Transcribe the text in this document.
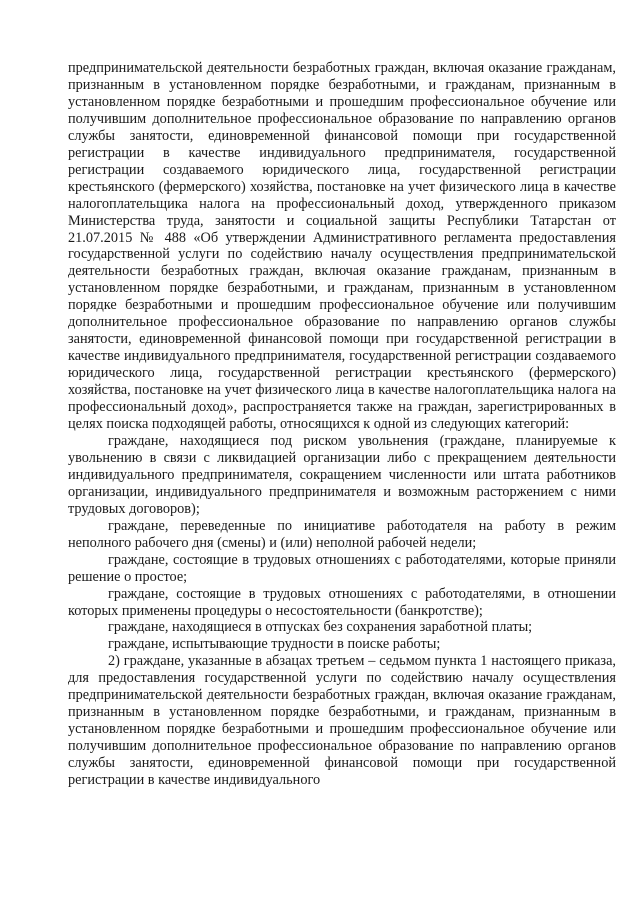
предпринимательской деятельности безработных граждан, включая оказание гражданам, признанным в установленном порядке безработными, и гражданам, признанным в установленном порядке безработными и прошедшим профессиональное обучение или получившим дополнительное профессиональное образование по направлению органов службы занятости, единовременной финансовой помощи при государственной регистрации в качестве индивидуального предпринимателя, государственной регистрации создаваемого юридического лица, государственной регистрации крестьянского (фермерского) хозяйства, постановке на учет физического лица в качестве налогоплательщика налога на профессиональный доход, утвержденного приказом Министерства труда, занятости и социальной защиты Республики Татарстан от 21.07.2015 № 488 «Об утверждении Административного регламента предоставления государственной услуги по содействию началу осуществления предпринимательской деятельности безработных граждан, включая оказание гражданам, признанным в установленном порядке безработными, и гражданам, признанным в установленном порядке безработными и прошедшим профессиональное обучение или получившим дополнительное профессиональное образование по направлению органов службы занятости, единовременной финансовой помощи при государственной регистрации в качестве индивидуального предпринимателя, государственной регистрации создаваемого юридического лица, государственной регистрации крестьянского (фермерского) хозяйства, постановке на учет физического лица в качестве налогоплательщика налога на профессиональный доход», распространяется также на граждан, зарегистрированных в целях поиска подходящей работы, относящихся к одной из следующих категорий:

граждане, находящиеся под риском увольнения (граждане, планируемые к увольнению в связи с ликвидацией организации либо с прекращением деятельности индивидуального предпринимателя, сокращением численности или штата работников организации, индивидуального предпринимателя и возможным расторжением с ними трудовых договоров);

граждане, переведенные по инициативе работодателя на работу в режим неполного рабочего дня (смены) и (или) неполной рабочей недели;

граждане, состоящие в трудовых отношениях с работодателями, которые приняли решение о простое;

граждане, состоящие в трудовых отношениях с работодателями, в отношении которых применены процедуры о несостоятельности (банкротстве);

граждане, находящиеся в отпусках без сохранения заработной платы;

граждане, испытывающие трудности в поиске работы;

2) граждане, указанные в абзацах третьем – седьмом пункта 1 настоящего приказа, для предоставления государственной услуги по содействию началу осуществления предпринимательской деятельности безработных граждан, включая оказание гражданам, признанным в установленном порядке безработными, и гражданам, признанным в установленном порядке безработными и прошедшим профессиональное обучение или получившим дополнительное профессиональное образование по направлению органов службы занятости, единовременной финансовой помощи при государственной регистрации в качестве индивидуального
